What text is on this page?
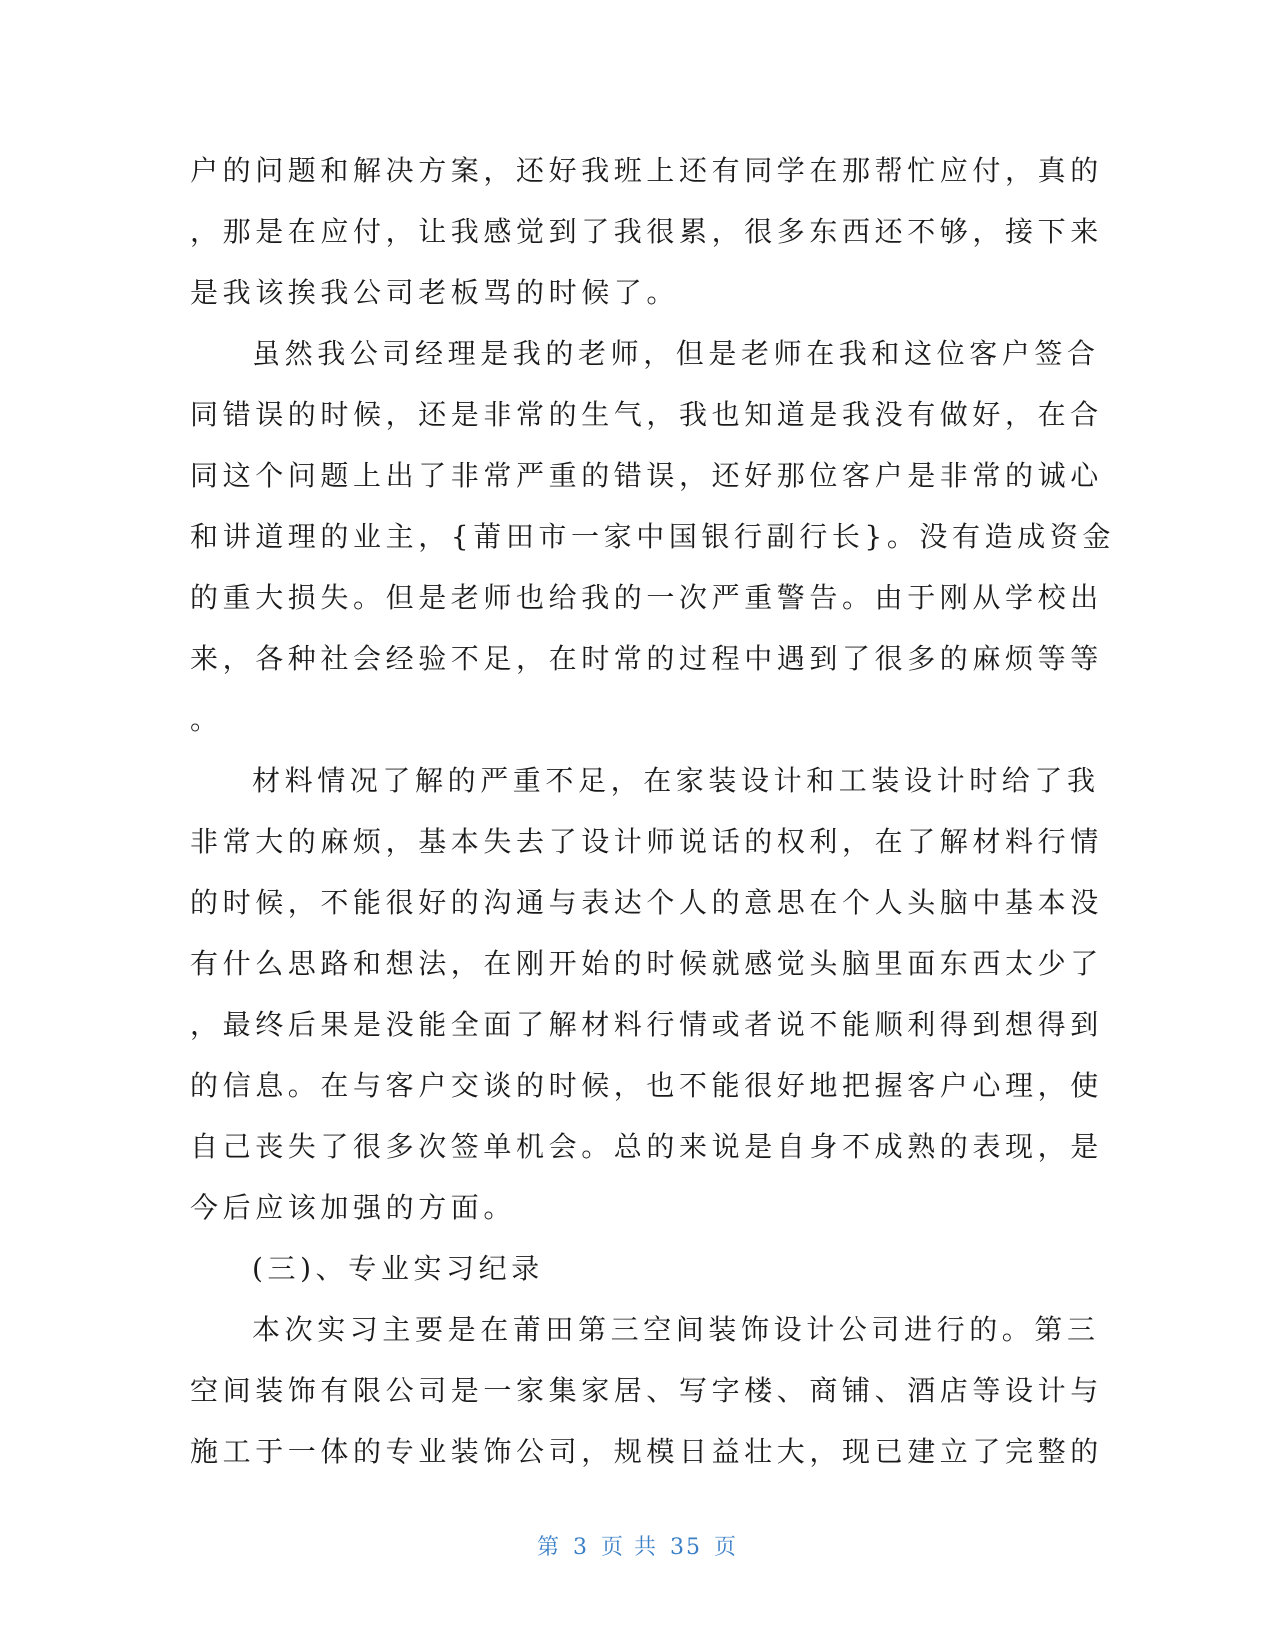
户的问题和解决方案，还好我班上还有同学在那帮忙应付，真的
，那是在应付，让我感觉到了我很累，很多东西还不够，接下来
是我该挨我公司老板骂的时候了。
虽然我公司经理是我的老师，但是老师在我和这位客户签合
同错误的时候，还是非常的生气，我也知道是我没有做好，在合
同这个问题上出了非常严重的错误，还好那位客户是非常的诚心
和讲道理的业主，{莆田市一家中国银行副行长}。没有造成资金
的重大损失。但是老师也给我的一次严重警告。由于刚从学校出
来，各种社会经验不足，在时常的过程中遇到了很多的麻烦等等
。
材料情况了解的严重不足，在家装设计和工装设计时给了我
非常大的麻烦，基本失去了设计师说话的权利，在了解材料行情
的时候，不能很好的沟通与表达个人的意思在个人头脑中基本没
有什么思路和想法，在刚开始的时候就感觉头脑里面东西太少了
，最终后果是没能全面了解材料行情或者说不能顺利得到想得到
的信息。在与客户交谈的时候，也不能很好地把握客户心理，使
自己丧失了很多次签单机会。总的来说是自身不成熟的表现，是
今后应该加强的方面。
(三)、专业实习纪录
本次实习主要是在莆田第三空间装饰设计公司进行的。第三
空间装饰有限公司是一家集家居、写字楼、商铺、酒店等设计与
施工于一体的专业装饰公司，规模日益壮大，现已建立了完整的
第 3 页 共 35 页
